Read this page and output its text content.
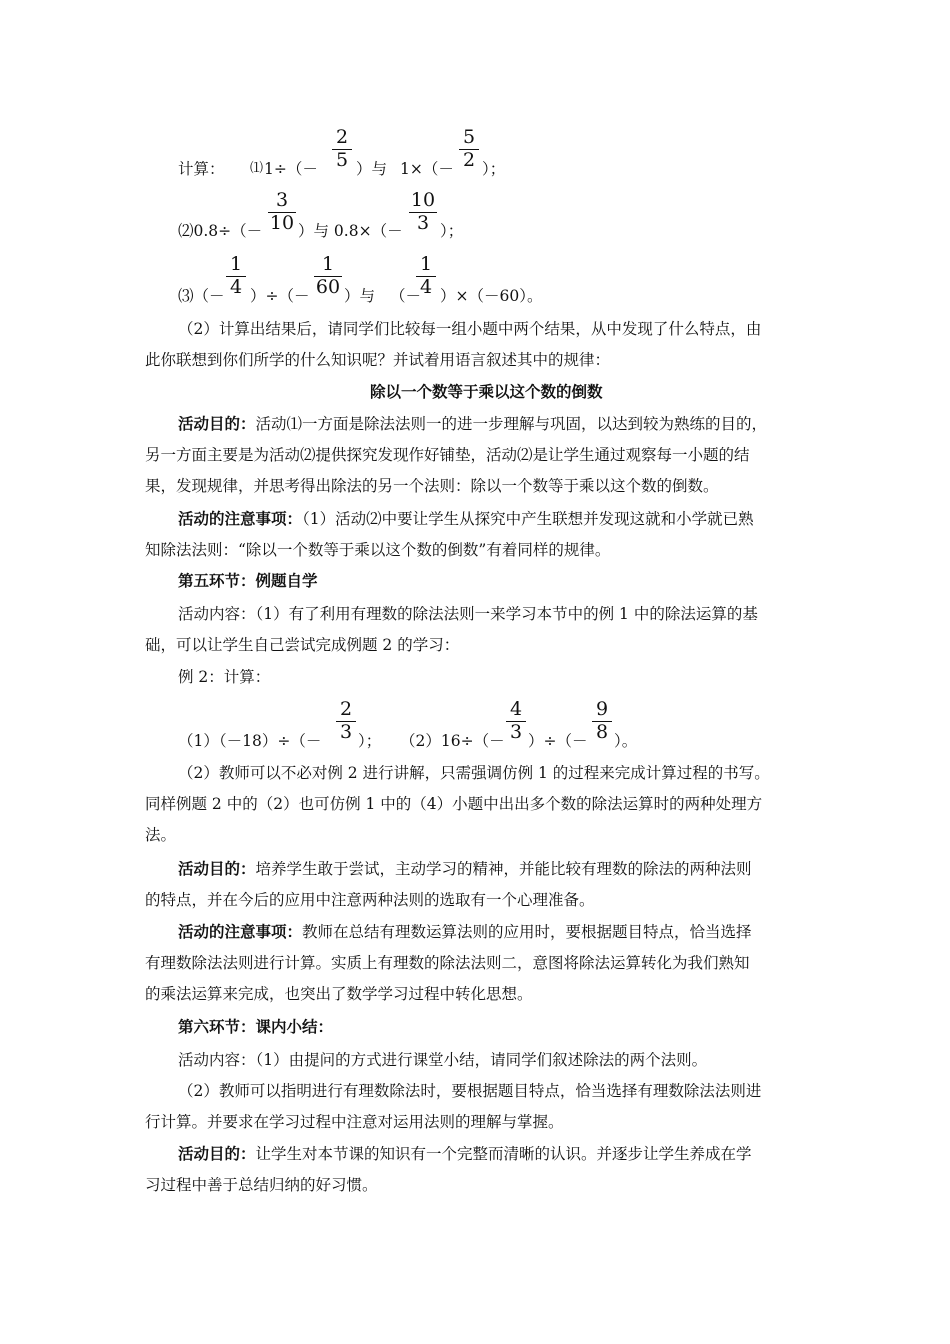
计算： ⑴ $1\div(- \frac{2}{5}$ ）与 $1\times(- \frac{5}{2}$ ）；
⑵0.8÷（－ $\frac{3}{10}$ ）与 $0.8\times(- \frac{10}{3}$ ）；
⑶（－ $\frac{1}{4}$ ）÷（－ $\frac{1}{60}$ ）与 （－
$\frac{1}{4} )\times(-60)$。
（2）计算出结果后，请同学们比较每一组小题中两个结果，从中发现了什么特点，由
此你联想到你们所学的什么知识呢？并试着用语言叙述其中的规律：
除以一个数等于乘以这个数的倒数
活动目的：活动⑴一方面是除法法则一的进一步理解与巩固，以达到较为熟练的目的，
另一方面主要是为活动⑵提供探究发现作好铺垫，活动⑵是让学生通过观察每一小题的结
果，发现规律，并思考得出除法的另一个法则：除以一个数等于乘以这个数的倒数。
活动的注意事项：（1）活动⑵中要让学生从探究中产生联想并发现这就和小学就已熟
知除法法则：“除以一个数等于乘以这个数的倒数”有着同样的规律。
第五环节：例题自学
活动内容：（1）有了利用有理数的除法法则一来学习本节中的例 1 中的除法运算的基
础，可以让学生自己尝试完成例题 2 的学习：
例 2：计算：
$(1)(-18)\div(- \frac{2}{3}$ ）； $(2)16\div(- \frac{4}{3}$ ）÷（－ $\frac{9}{8}$ ）。
（2）教师可以不必对例 2 进行讲解，只需强调仿例 1 的过程来完成计算过程的书写。
同样例题 2 中的（2）也可仿例 1 中的（4）小题中出出多个数的除法运算时的两种处理方
法。
活动目的：培养学生敢于尝试，主动学习的精神，并能比较有理数的除法的两种法则
的特点，并在今后的应用中注意两种法则的选取有一个心理准备。
活动的注意事项：教师在总结有理数运算法则的应用时，要根据题目特点，恰当选择
有理数除法法则进行计算。实质上有理数的除法法则二，意图将除法运算转化为我们熟知
的乘法运算来完成，也突出了数学学习过程中转化思想。
第六环节：课内小结：
活动内容：（1）由提问的方式进行课堂小结，请同学们叙述除法的两个法则。
（2）教师可以指明进行有理数除法时，要根据题目特点，恰当选择有理数除法法则进
行计算。并要求在学习过程中注意对运用法则的理解与掌握。
活动目的：让学生对本节课的知识有一个完整而清晰的认识。并逐步让学生养成在学
习过程中善于总结归纳的好习惯。
